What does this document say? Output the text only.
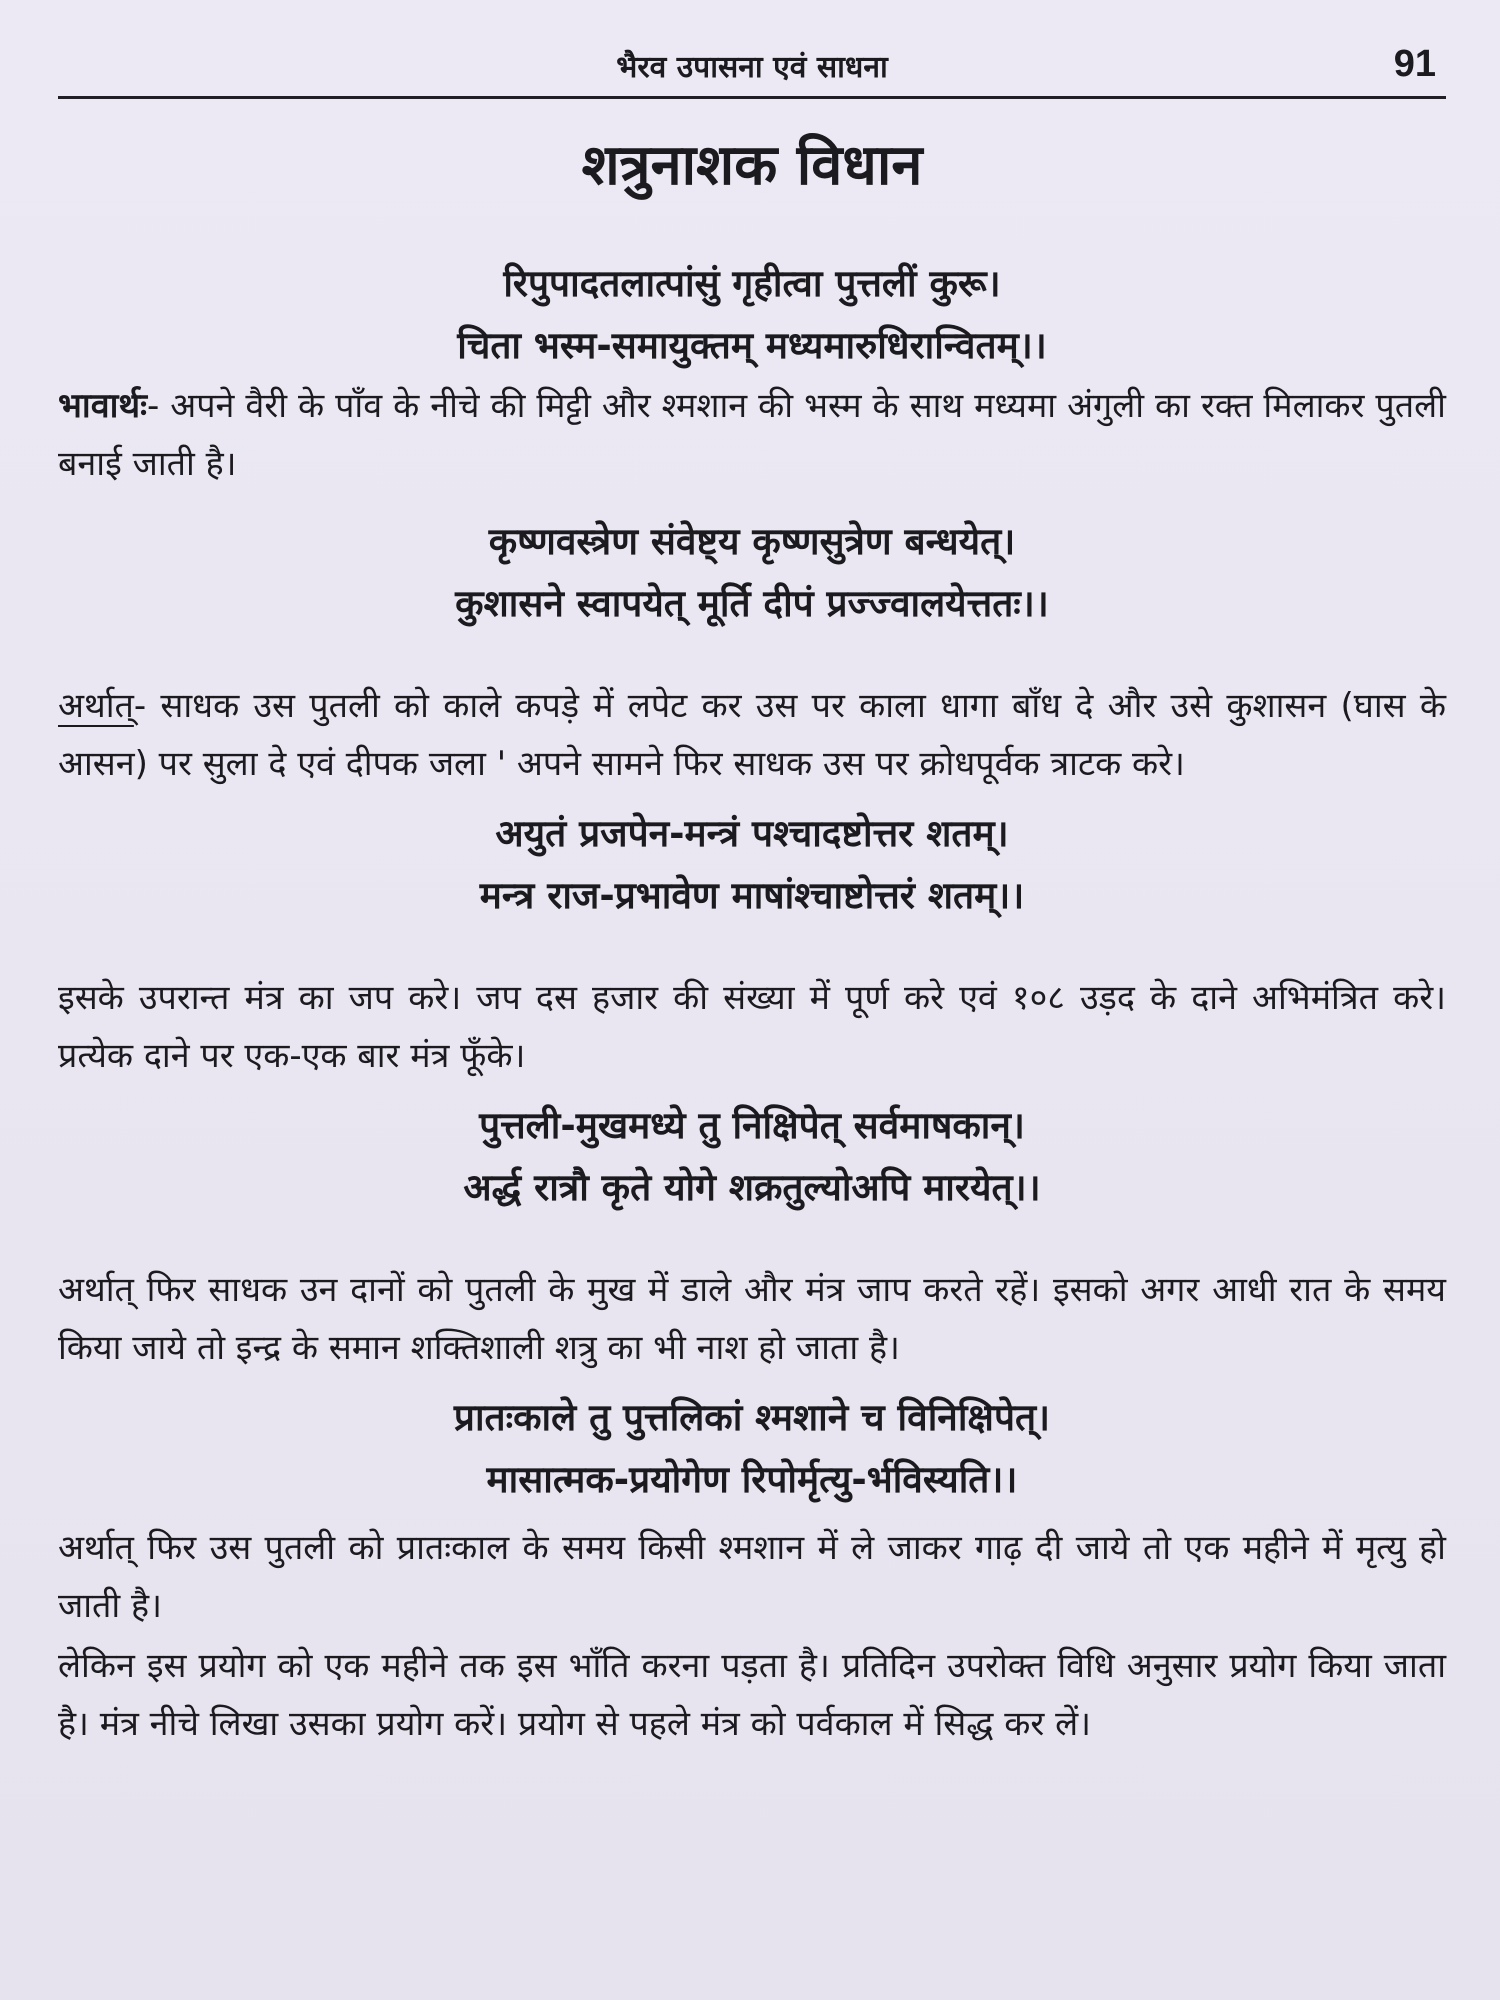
भैरव उपासना एवं साधना	91
शत्रुनाशक विधान

रिपुपादतलात्पांसुं गृहीत्वा पुत्तलीं कुरू।
चिता भस्म-समायुक्तम् मध्यमारुधिरान्वितम्।।

भावार्थः- अपने वैरी के पाँव के नीचे की मिट्टी और श्मशान की भस्म के साथ मध्यमा अंगुली का रक्त मिलाकर पुतली बनाई जाती है।

कृष्णवस्त्रेण संवेष्ट्य कृष्णसुत्रेण बन्धयेत्।
कुशासने स्वापयेत् मूर्ति दीपं प्रज्ज्वालयेत्ततः।।

अर्थात्- साधक उस पुतली को काले कपड़े में लपेट कर उस पर काला धागा बाँध दे और उसे कुशासन (घास के आसन) पर सुला दे एवं दीपक जला ' अपने सामने फिर साधक उस पर क्रोधपूर्वक त्राटक करे।

अयुतं प्रजपेन-मन्त्रं पश्चादष्टोत्तर शतम्।
मन्त्र राज-प्रभावेण माषांश्चाष्टोत्तरं शतम्।।

इसके उपरान्त मंत्र का जप करे। जप दस हजार की संख्या में पूर्ण करे एवं १०८ उड़द के दाने अभिमंत्रित करे। प्रत्येक दाने पर एक-एक बार मंत्र फूँके।

पुत्तली-मुखमध्ये तु निक्षिपेत् सर्वमाषकान्।
अर्द्ध रात्रौ कृते योगे शक्रतुल्योअपि मारयेत्।।

अर्थात् फिर साधक उन दानों को पुतली के मुख में डाले और मंत्र जाप करते रहें। इसको अगर आधी रात के समय किया जाये तो इन्द्र के समान शक्तिशाली शत्रु का भी नाश हो जाता है।

प्रातःकाले तु पुत्तलिकां श्मशाने च विनिक्षिपेत्।
मासात्मक-प्रयोगेण रिपोर्मृत्यु-र्भविस्यति।।

अर्थात् फिर उस पुतली को प्रातःकाल के समय किसी श्मशान में ले जाकर गाढ़ दी जाये तो एक महीने में मृत्यु हो जाती है।

लेकिन इस प्रयोग को एक महीने तक इस भाँति करना पड़ता है। प्रतिदिन उपरोक्त विधि अनुसार प्रयोग किया जाता है। मंत्र नीचे लिखा उसका प्रयोग करें। प्रयोग से पहले मंत्र को पर्वकाल में सिद्ध कर लें।
